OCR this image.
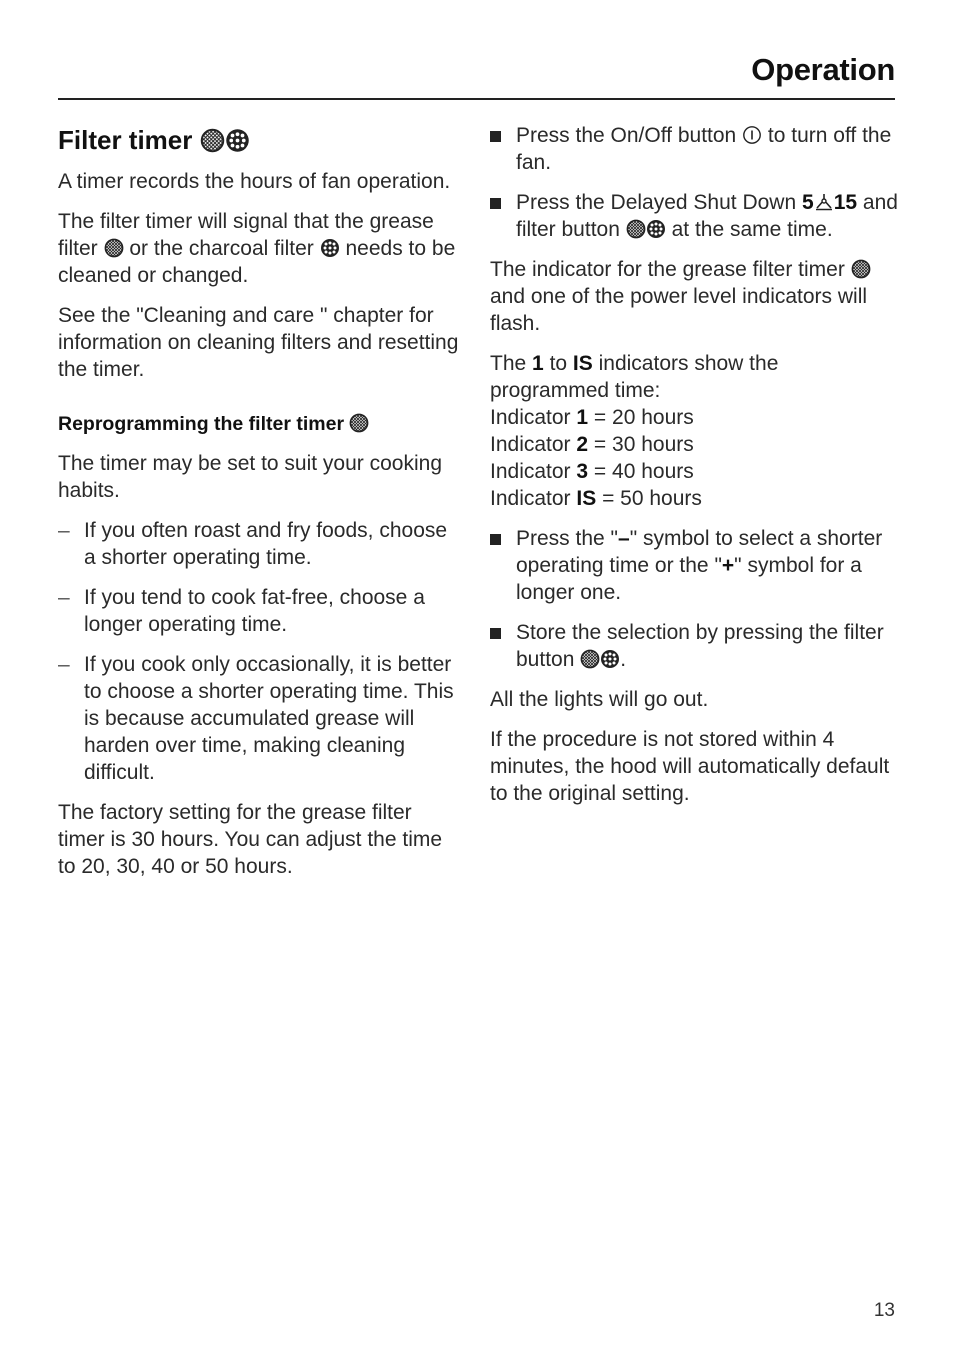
Operation
Filter timer

A timer records the hours of fan operation.

The filter timer will signal that the grease filter or the charcoal filter needs to be cleaned or changed.

See the "Cleaning and care " chapter for information on cleaning filters and resetting the timer.

Reprogramming the filter timer

The timer may be set to suit your cooking habits.

– If you often roast and fry foods, choose a shorter operating time.
– If you tend to cook fat-free, choose a longer operating time.
– If you cook only occasionally, it is better to choose a shorter operating time. This is because accumulated grease will harden over time, making cleaning difficult.

The factory setting for the grease filter timer is 30 hours. You can adjust the time to 20, 30, 40 or 50 hours.

Press the On/Off button to turn off the fan.
Press the Delayed Shut Down 5 15 and filter button at the same time.

The indicator for the grease filter timer  and one of the power level indicators will flash.

The 1 to IS indicators show the programmed time:
Indicator 1 = 20 hours
Indicator 2 = 30 hours
Indicator 3 = 40 hours
Indicator IS = 50 hours

Press the "–" symbol to select a shorter operating time or the "+" symbol for a longer one.
Store the selection by pressing the filter button .

All the lights will go out.

If the procedure is not stored within 4 minutes, the hood will automatically default to the original setting.

13
